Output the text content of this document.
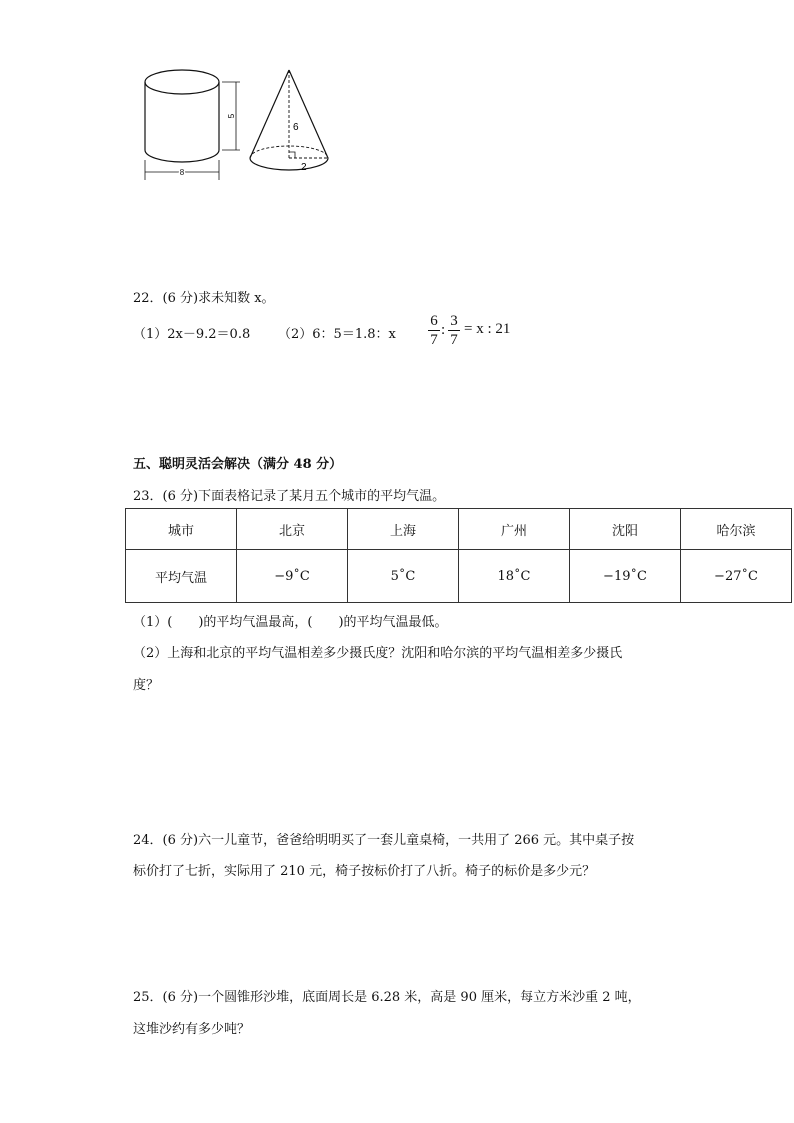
5
8
6
2
22．(6 分)求未知数 x。
（1）2x－9.2＝0.8 （2）6：5＝1.8：x
6
7
:
3
7
= x : 21
五、聪明灵活会解决（满分 48 分）
23．(6 分)下面表格记录了某月五个城市的平均气温。
城市	北京	上海	广州	沈阳	哈尔滨
平均气温	−9˚C	5˚C	18˚C	−19˚C	−27˚C
（1）(　　)的平均气温最高，(　　)的平均气温最低。
（2）上海和北京的平均气温相差多少摄氏度？沈阳和哈尔滨的平均气温相差多少摄氏
度？
24．(6 分)六一儿童节，爸爸给明明买了一套儿童桌椅，一共用了 266 元。其中桌子按
标价打了七折，实际用了 210 元，椅子按标价打了八折。椅子的标价是多少元？
25．(6 分)一个圆锥形沙堆，底面周长是 6.28 米，高是 90 厘米，每立方米沙重 2 吨，
这堆沙约有多少吨？
